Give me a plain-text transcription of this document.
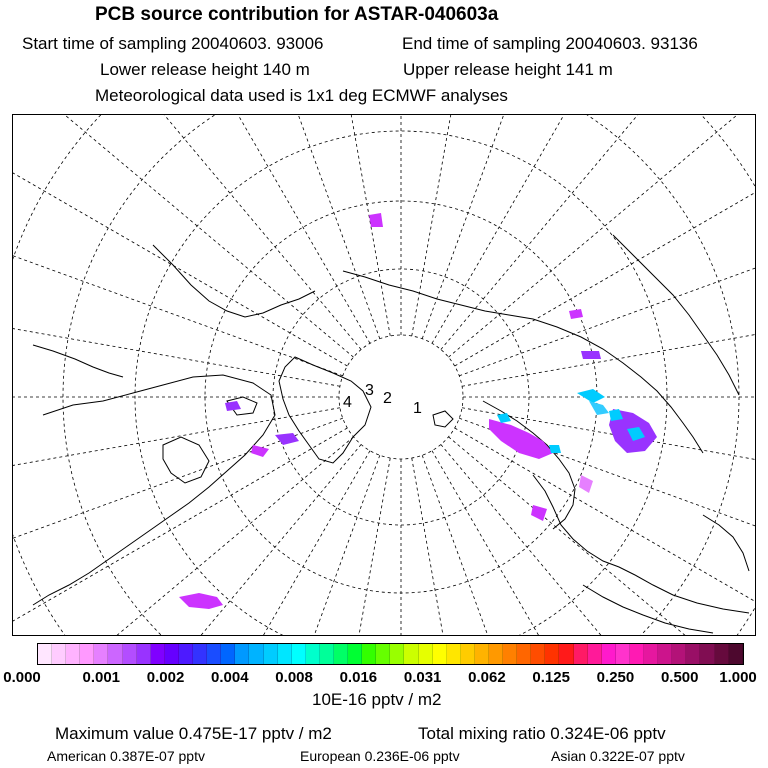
PCB source contribution for ASTAR-040603a
Start time of sampling 20040603. 93006	End time of sampling 20040603. 93136
Lower release height 140 m	Upper release height 141 m
Meteorological data used is 1x1 deg ECMWF analyses
1
2
3
4
0.000	0.001 0.002 0.004 0.008 0.016 0.031 0.062 0.125 0.250 0.500 1.000
10E-16 pptv / m2
Maximum value 0.475E-17 pptv / m2	Total mixing ratio 0.324E-06 pptv
American 0.387E-07 pptv	European 0.236E-06 pptv	Asian 0.322E-07 pptv
